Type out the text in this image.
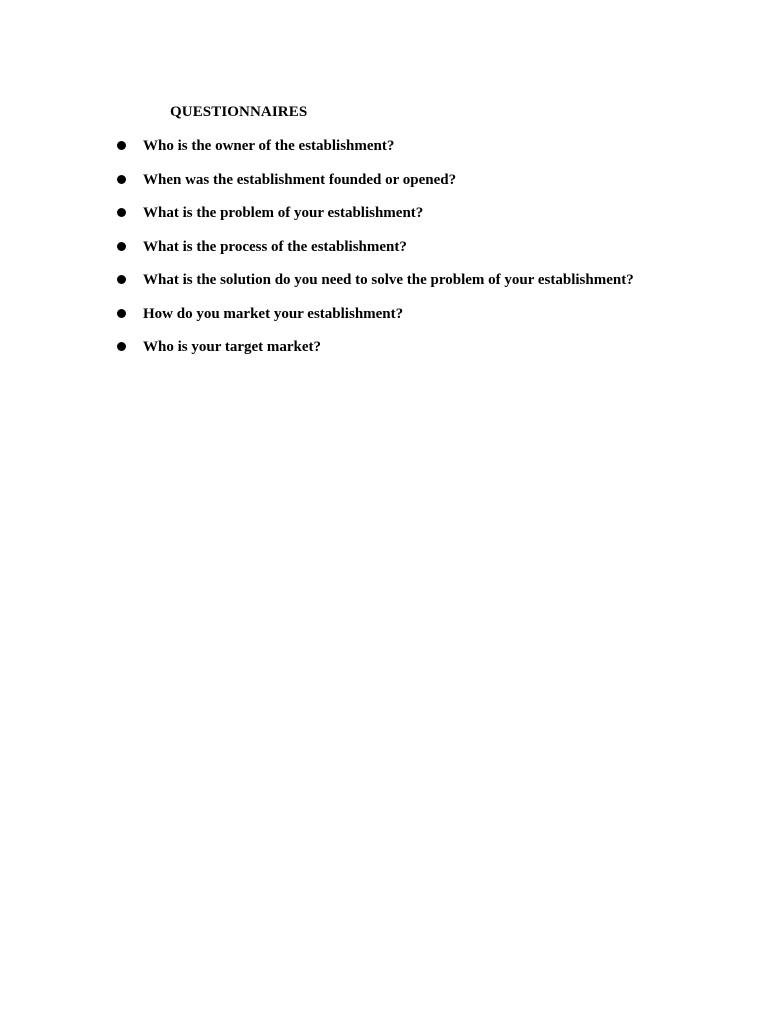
QUESTIONNAIRES
Who is the owner of the establishment?
When was the establishment founded or opened?
What is the problem of your establishment?
What is the process of the establishment?
What is the solution do you need to solve the problem of your establishment?
How do you market your establishment?
Who is your target market?
